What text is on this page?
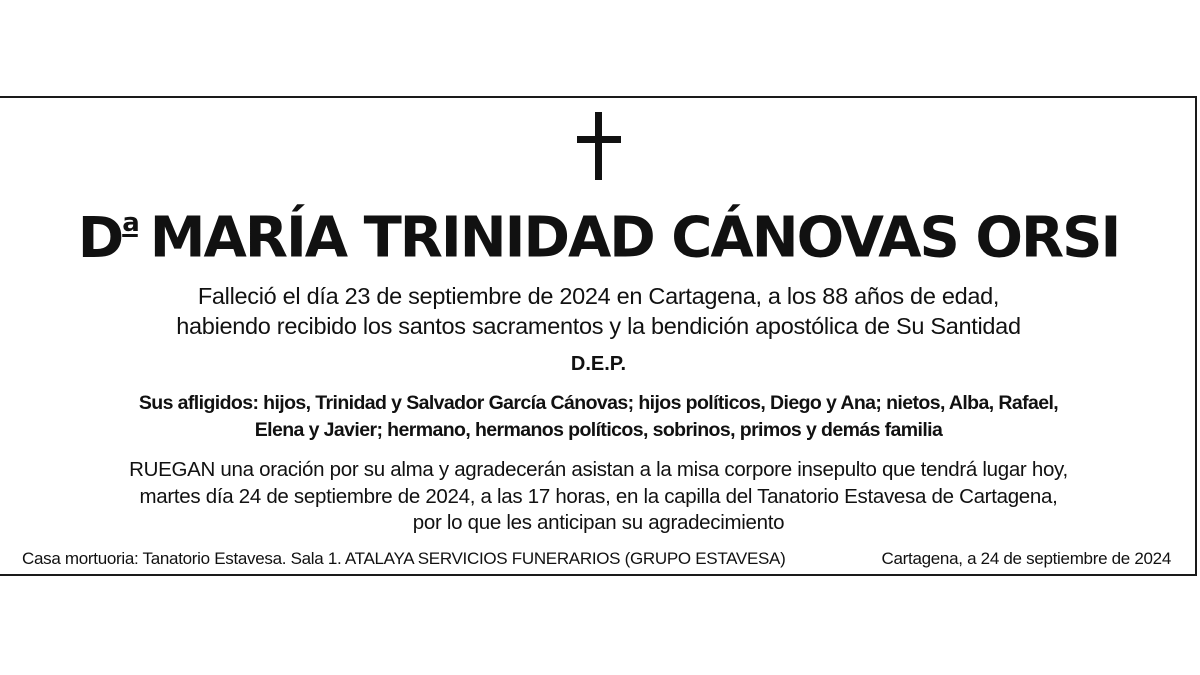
$D^a$ MARÍA TRINIDAD CÁNOVAS ORSI
Falleció el día 23 de septiembre de 2024 en Cartagena, a los 88 años de edad,
habiendo recibido los santos sacramentos y la bendición apostólica de Su Santidad
D.E.P.
Sus afligidos: hijos, Trinidad y Salvador García Cánovas; hijos políticos, Diego y Ana; nietos, Alba, Rafael,
Elena y Javier; hermano, hermanos políticos, sobrinos, primos y demás familia
RUEGAN una oración por su alma y agradecerán asistan a la misa corpore insepulto que tendrá lugar hoy,
martes día 24 de septiembre de 2024, a las 17 horas, en la capilla del Tanatorio Estavesa de Cartagena,
por lo que les anticipan su agradecimiento
Casa mortuoria: Tanatorio Estavesa. Sala 1. ATALAYA SERVICIOS FUNERARIOS (GRUPO ESTAVESA)	Cartagena, a 24 de septiembre de 2024
